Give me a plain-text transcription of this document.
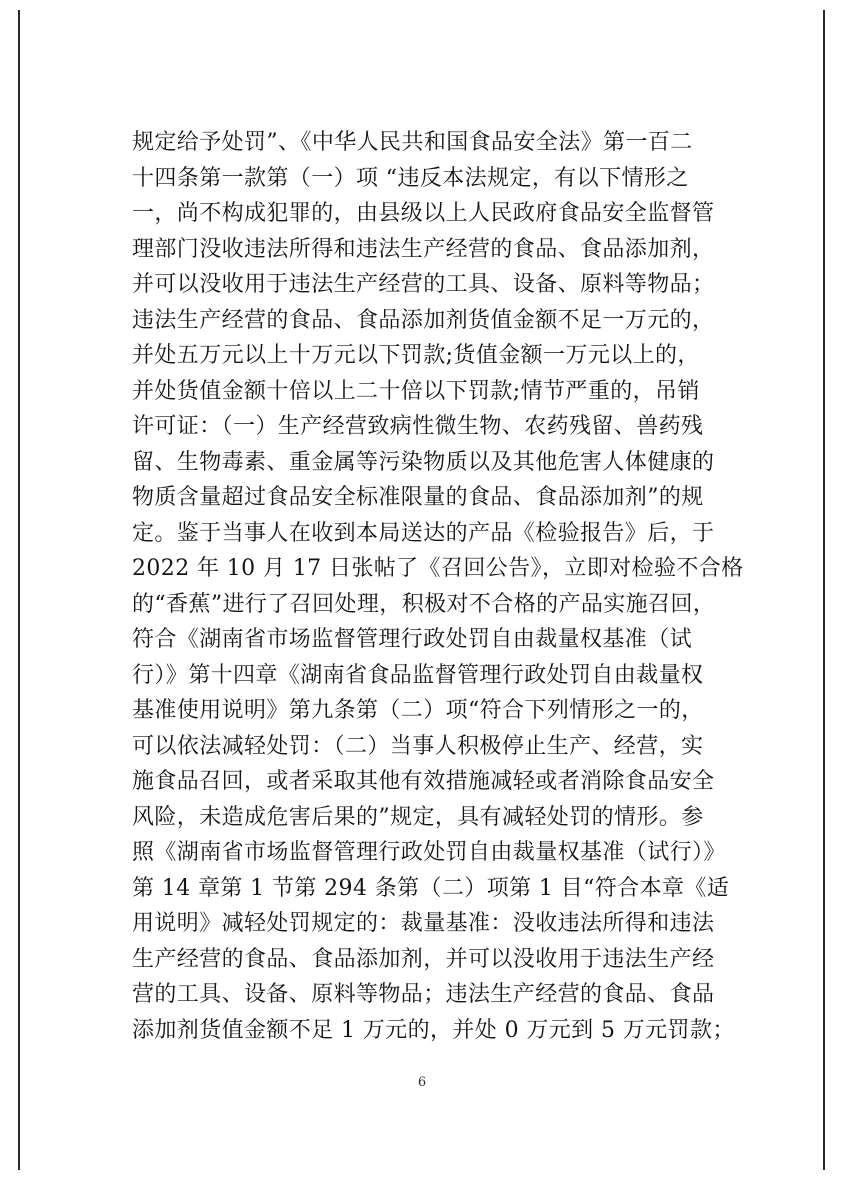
规定给予处罚”、《中华人民共和国食品安全法》第一百二
十四条第一款第（一）项 “违反本法规定，有以下情形之
一，尚不构成犯罪的，由县级以上人民政府食品安全监督管
理部门没收违法所得和违法生产经营的食品、食品添加剂，
并可以没收用于违法生产经营的工具、设备、原料等物品；
违法生产经营的食品、食品添加剂货值金额不足一万元的，
并处五万元以上十万元以下罚款;货值金额一万元以上的，
并处货值金额十倍以上二十倍以下罚款;情节严重的，吊销
许可证：（一）生产经营致病性微生物、农药残留、兽药残
留、生物毒素、重金属等污染物质以及其他危害人体健康的
物质含量超过食品安全标准限量的食品、食品添加剂”的规
定。鉴于当事人在收到本局送达的产品《检验报告》后，于
2022 年 10 月 17 日张帖了《召回公告》，立即对检验不合格
的“香蕉”进行了召回处理，积极对不合格的产品实施召回，
符合《湖南省市场监督管理行政处罚自由裁量权基准（试
行）》第十四章《湖南省食品监督管理行政处罚自由裁量权
基准使用说明》第九条第（二）项“符合下列情形之一的，
可以依法减轻处罚：（二）当事人积极停止生产、经营，实
施食品召回，或者采取其他有效措施减轻或者消除食品安全
风险，未造成危害后果的”规定，具有减轻处罚的情形。参
照《湖南省市场监督管理行政处罚自由裁量权基准（试行）》
第 14 章第 1 节第 294 条第（二）项第 1 目“符合本章《适
用说明》减轻处罚规定的：裁量基准：没收违法所得和违法
生产经营的食品、食品添加剂，并可以没收用于违法生产经
营的工具、设备、原料等物品；违法生产经营的食品、食品
添加剂货值金额不足 1 万元的，并处 0 万元到 5 万元罚款；
6
